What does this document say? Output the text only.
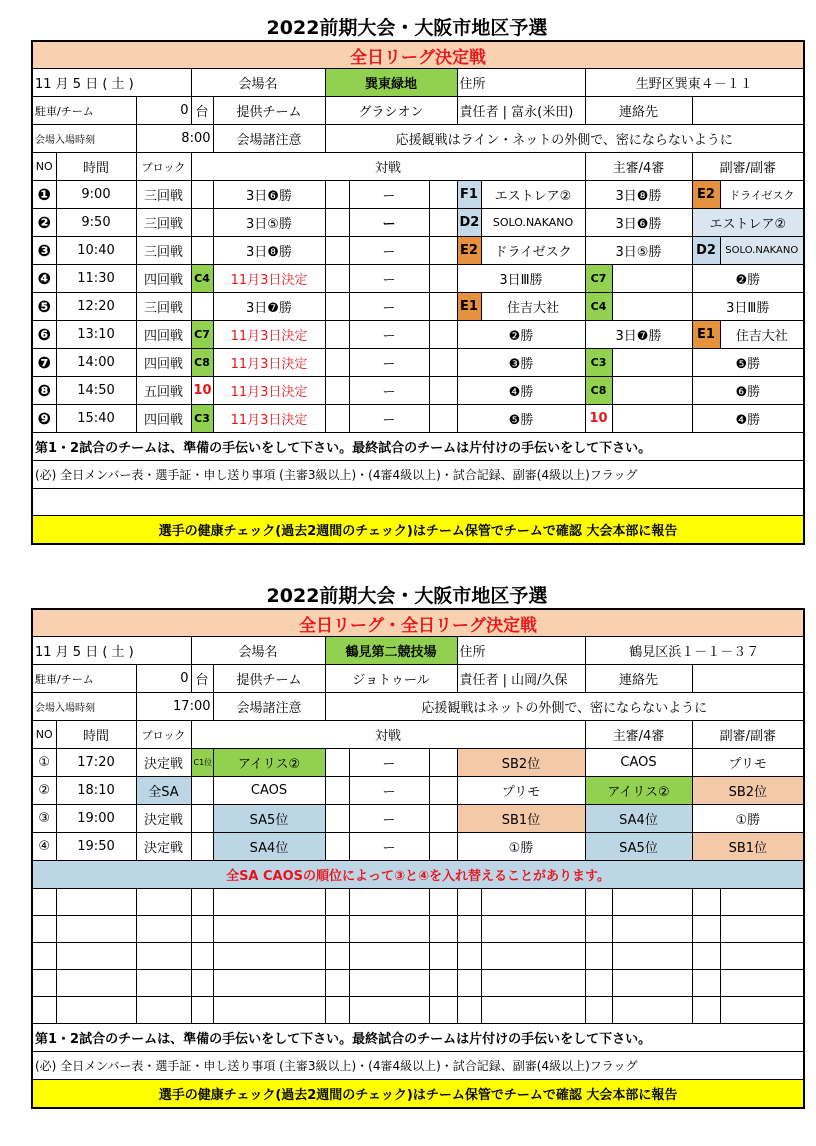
2022前期大会・大阪市地区予選
全日リーグ決定戦													
11 月 5 日 ( 土 )			会場名		巽東緑地			住所		生野区巽東４－１１			
駐車/チーム		0	台	提供チーム	グラシオン			責任者 | 富永(米田)		連絡先			
会場入場時刻		8:00		会場諸注意	応援観戦はライン・ネットの外側で、密にならないように								
NO	時間	ブロック	対戦							主審/4審		副審/副審	
❶	9:00	三回戦		3日❻勝		ー		F1	エストレア②	3日❽勝		E2	ドライゼスク
❷	9:50	三回戦		3日⑤勝		ー		D2	SOLO.NAKANO	3日❻勝		エストレア②	
❸	10:40	三回戦		3日❽勝		ー		E2	ドライゼスク	3日⑤勝		D2	SOLO.NAKANO
❹	11:30	四回戦	C4	11月3日決定		ー		3日Ⅲ勝		C7		❷勝	
❺	12:20	三回戦		3日❼勝		ー		E1	住吉大社	C4		3日Ⅲ勝	
❻	13:10	四回戦	C7	11月3日決定		ー		❷勝		3日❼勝		E1	住吉大社
❼	14:00	四回戦	C8	11月3日決定		ー		❸勝		C3		❺勝	
❽	14:50	五回戦	10	11月3日決定		ー		❹勝		C8		❻勝	
❾	15:40	四回戦	C3	11月3日決定		ー		❺勝		10		❹勝	
第1・2試合のチームは、準備の手伝いをして下さい。最終試合のチームは片付けの手伝いをして下さい。													
(必) 全日メンバー表・選手証・申し送り事項 (主審3級以上)・(4審4級以上)・試合記録、副審(4級以上)フラッグ													

選手の健康チェック(過去2週間のチェック)はチーム保管でチームで確認 大会本部に報告													
2022前期大会・大阪市地区予選
全日リーグ・全日リーグ決定戦													
11 月 5 日 ( 土 )			会場名		鶴見第二競技場			住所		鶴見区浜１－１－３７			
駐車/チーム		0	台	提供チーム	ジョトゥール			責任者 | 山岡/久保		連絡先			
会場入場時刻		17:00		会場諸注意	応援観戦はネットの外側で、密にならないように								
NO	時間	ブロック	対戦							主審/4審		副審/副審	
①	17:20	決定戦	C1位	アイリス②		ー		SB2位		CAOS		プリモ	
②	18:10	全SA		CAOS		ー		プリモ		アイリス②		SB2位	
③	19:00	決定戦		SA5位		ー		SB1位		SA4位		①勝	
④	19:50	決定戦		SA4位		ー		①勝		SA5位		SB1位	
全SA CAOSの順位によって③と④を入れ替えることがあります。													

第1・2試合のチームは、準備の手伝いをして下さい。最終試合のチームは片付けの手伝いをして下さい。													
(必) 全日メンバー表・選手証・申し送り事項 (主審3級以上)・(4審4級以上)・試合記録、副審(4級以上)フラッグ													
選手の健康チェック(過去2週間のチェック)はチーム保管でチームで確認 大会本部に報告													
